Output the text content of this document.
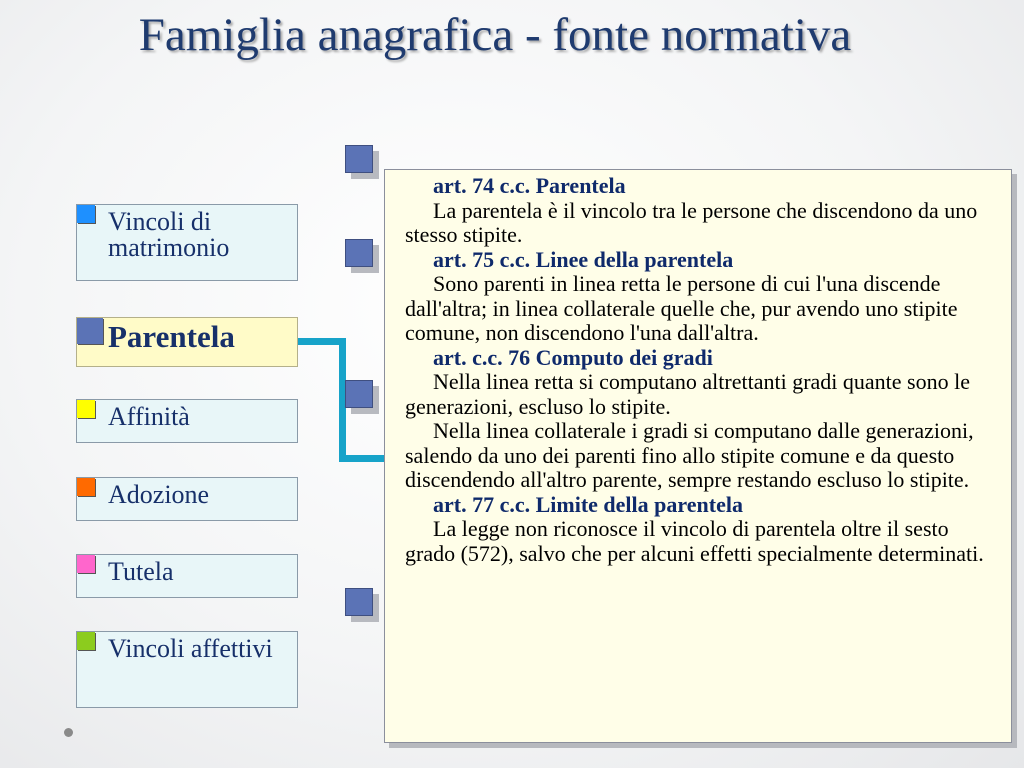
Famiglia anagrafica - fonte normativa
Vincoli di matrimonio
Parentela
Affinità
Adozione
Tutela
Vincoli affettivi

art. 74 c.c. Parentela

La parentela è il vincolo tra le persone che discendono da uno stesso stipite.

art. 75 c.c. Linee della parentela

Sono parenti in linea retta le persone di cui l'una discende dall'altra; in linea collaterale quelle che, pur avendo uno stipite comune, non discendono l'una dall'altra.

art. c.c. 76 Computo dei gradi

Nella linea retta si computano altrettanti gradi quante sono le generazioni, escluso lo stipite.

Nella linea collaterale i gradi si computano dalle generazioni, salendo da uno dei parenti fino allo stipite comune e da questo discendendo all'altro parente, sempre restando escluso lo stipite.

art. 77 c.c. Limite della parentela

La legge non riconosce il vincolo di parentela oltre il sesto grado (572), salvo che per alcuni effetti specialmente determinati.
